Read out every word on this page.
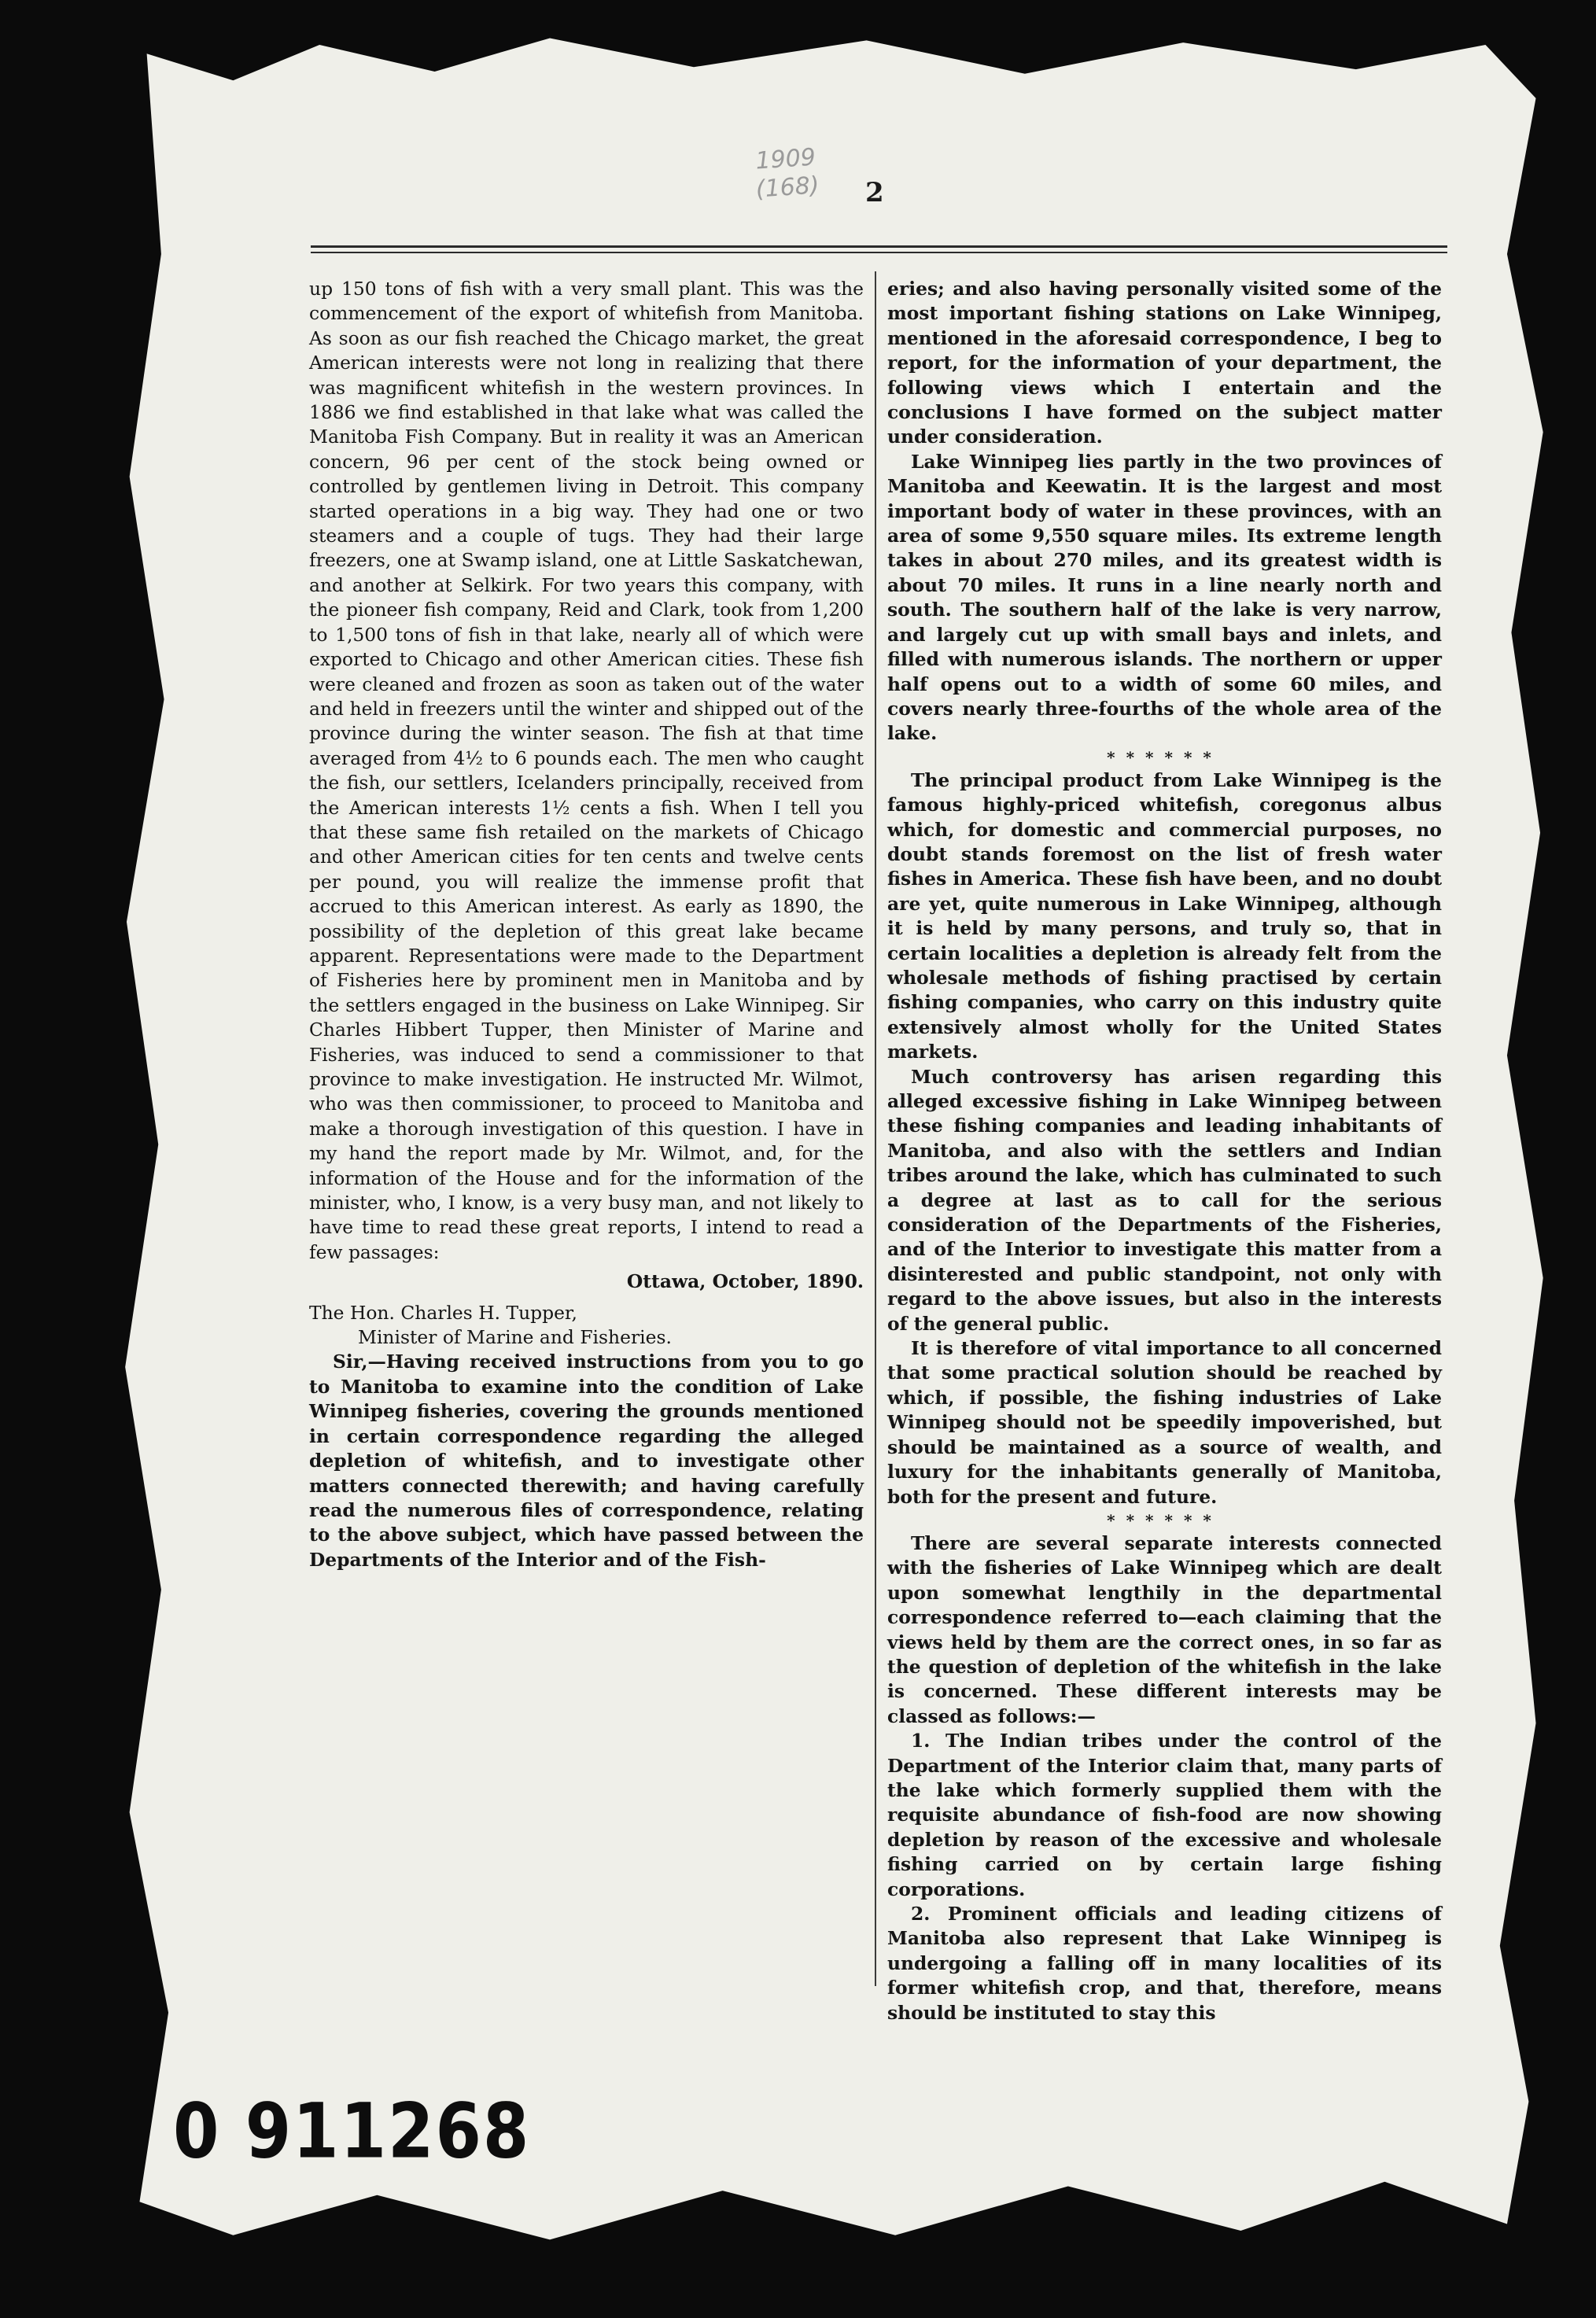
1909
(168)	2

up 150 tons of fish with a very small plant. This was the commencement of the export of whitefish from Manitoba. As soon as our fish reached the Chicago market, the great American interests were not long in realizing that there was magnificent whitefish in the western provinces. In 1886 we find established in that lake what was called the Manitoba Fish Company. But in reality it was an American concern, 96 per cent of the stock being owned or controlled by gentlemen living in Detroit. This company started operations in a big way. They had one or two steamers and a couple of tugs. They had their large freezers, one at Swamp island, one at Little Saskatchewan, and another at Selkirk. For two years this company, with the pioneer fish company, Reid and Clark, took from 1,200 to 1,500 tons of fish in that lake, nearly all of which were exported to Chicago and other American cities. These fish were cleaned and frozen as soon as taken out of the water and held in freezers until the winter and shipped out of the province during the winter season. The fish at that time averaged from 4½ to 6 pounds each. The men who caught the fish, our settlers, Icelanders principally, received from the American interests 1½ cents a fish. When I tell you that these same fish retailed on the markets of Chicago and other American cities for ten cents and twelve cents per pound, you will realize the immense profit that accrued to this American interest. As early as 1890, the possibility of the depletion of this great lake became apparent. Representations were made to the Department of Fisheries here by prominent men in Manitoba and by the settlers engaged in the business on Lake Winnipeg. Sir Charles Hibbert Tupper, then Minister of Marine and Fisheries, was induced to send a commissioner to that province to make investigation. He instructed Mr. Wilmot, who was then commissioner, to proceed to Manitoba and make a thorough investigation of this question. I have in my hand the report made by Mr. Wilmot, and, for the information of the House and for the information of the minister, who, I know, is a very busy man, and not likely to have time to read these great reports, I intend to read a few passages:

Ottawa, October, 1890.

The Hon. Charles H. Tupper,

Minister of Marine and Fisheries.

Sir,—Having received instructions from you to go to Manitoba to examine into the condition of Lake Winnipeg fisheries, covering the grounds mentioned in certain correspondence regarding the alleged depletion of whitefish, and to investigate other matters connected therewith; and having carefully read the numerous files of correspondence, relating to the above subject, which have passed between the Departments of the Interior and of the Fish-

eries; and also having personally visited some of the most important fishing stations on Lake Winnipeg, mentioned in the aforesaid correspondence, I beg to report, for the information of your department, the following views which I entertain and the conclusions I have formed on the subject matter under consideration.

Lake Winnipeg lies partly in the two provinces of Manitoba and Keewatin. It is the largest and most important body of water in these provinces, with an area of some 9,550 square miles. Its extreme length takes in about 270 miles, and its greatest width is about 70 miles. It runs in a line nearly north and south. The southern half of the lake is very narrow, and largely cut up with small bays and inlets, and filled with numerous islands. The northern or upper half opens out to a width of some 60 miles, and covers nearly three-fourths of the whole area of the lake.

******

The principal product from Lake Winnipeg is the famous highly-priced whitefish, coregonus albus which, for domestic and commercial purposes, no doubt stands foremost on the list of fresh water fishes in America. These fish have been, and no doubt are yet, quite numerous in Lake Winnipeg, although it is held by many persons, and truly so, that in certain localities a depletion is already felt from the wholesale methods of fishing practised by certain fishing companies, who carry on this industry quite extensively almost wholly for the United States markets.

Much controversy has arisen regarding this alleged excessive fishing in Lake Winnipeg between these fishing companies and leading inhabitants of Manitoba, and also with the settlers and Indian tribes around the lake, which has culminated to such a degree at last as to call for the serious consideration of the Departments of the Fisheries, and of the Interior to investigate this matter from a disinterested and public standpoint, not only with regard to the above issues, but also in the interests of the general public.

It is therefore of vital importance to all concerned that some practical solution should be reached by which, if possible, the fishing industries of Lake Winnipeg should not be speedily impoverished, but should be maintained as a source of wealth, and luxury for the inhabitants generally of Manitoba, both for the present and future.

******

There are several separate interests connected with the fisheries of Lake Winnipeg which are dealt upon somewhat lengthily in the departmental correspondence referred to—each claiming that the views held by them are the correct ones, in so far as the question of depletion of the whitefish in the lake is concerned. These different interests may be classed as follows:—

1. The Indian tribes under the control of the Department of the Interior claim that, many parts of the lake which formerly supplied them with the requisite abundance of fish-food are now showing depletion by reason of the excessive and wholesale fishing carried on by certain large fishing corporations.

2. Prominent officials and leading citizens of Manitoba also represent that Lake Winnipeg is undergoing a falling off in many localities of its former whitefish crop, and that, therefore, means should be instituted to stay this

0 911268
